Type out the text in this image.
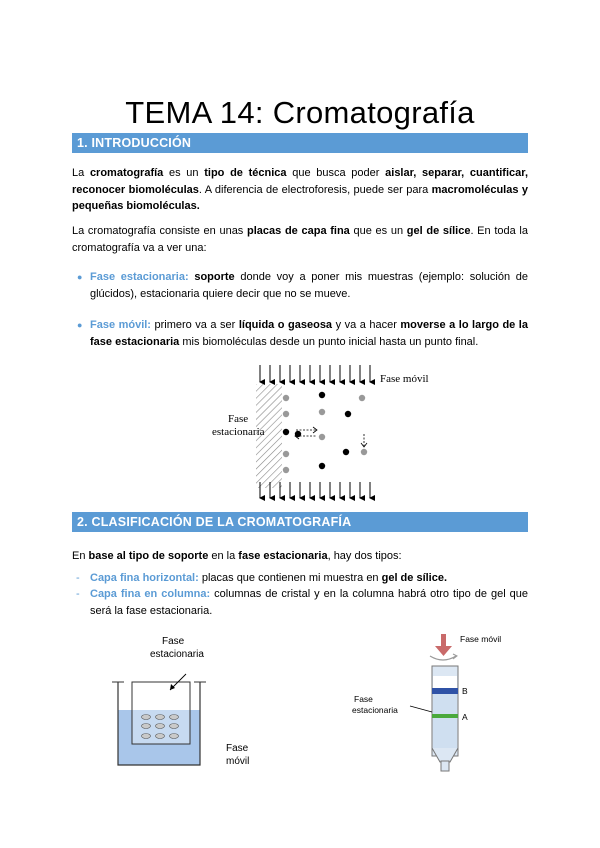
TEMA 14: Cromatografía
1. INTRODUCCIÓN
La cromatografía es un tipo de técnica que busca poder aislar, separar, cuantificar, reconocer biomoléculas. A diferencia de electroforesis, puede ser para macromoléculas y pequeñas biomoléculas.
La cromatografía consiste en unas placas de capa fina que es un gel de sílice. En toda la cromatografía va a ver una:
● Fase estacionaria: soporte donde voy a poner mis muestras (ejemplo: solución de glúcidos), estacionaria quiere decir que no se mueve.
● Fase móvil: primero va a ser líquida o gaseosa y va a hacer moverse a lo largo de la fase estacionaria mis biomoléculas desde un punto inicial hasta un punto final.
Fase móvil
Fase
estacionaria
2. CLASIFICACIÓN DE LA CROMATOGRAFÍA
En base al tipo de soporte en la fase estacionaria, hay dos tipos:
- Capa fina horizontal: placas que contienen mi muestra en gel de sílice.
- Capa fina en columna: columnas de cristal y en la columna habrá otro tipo de gel que será la fase estacionaria.
Fase
estacionaria
Fase
móvil
Fase móvil
Fase
estacionaria
B
A
